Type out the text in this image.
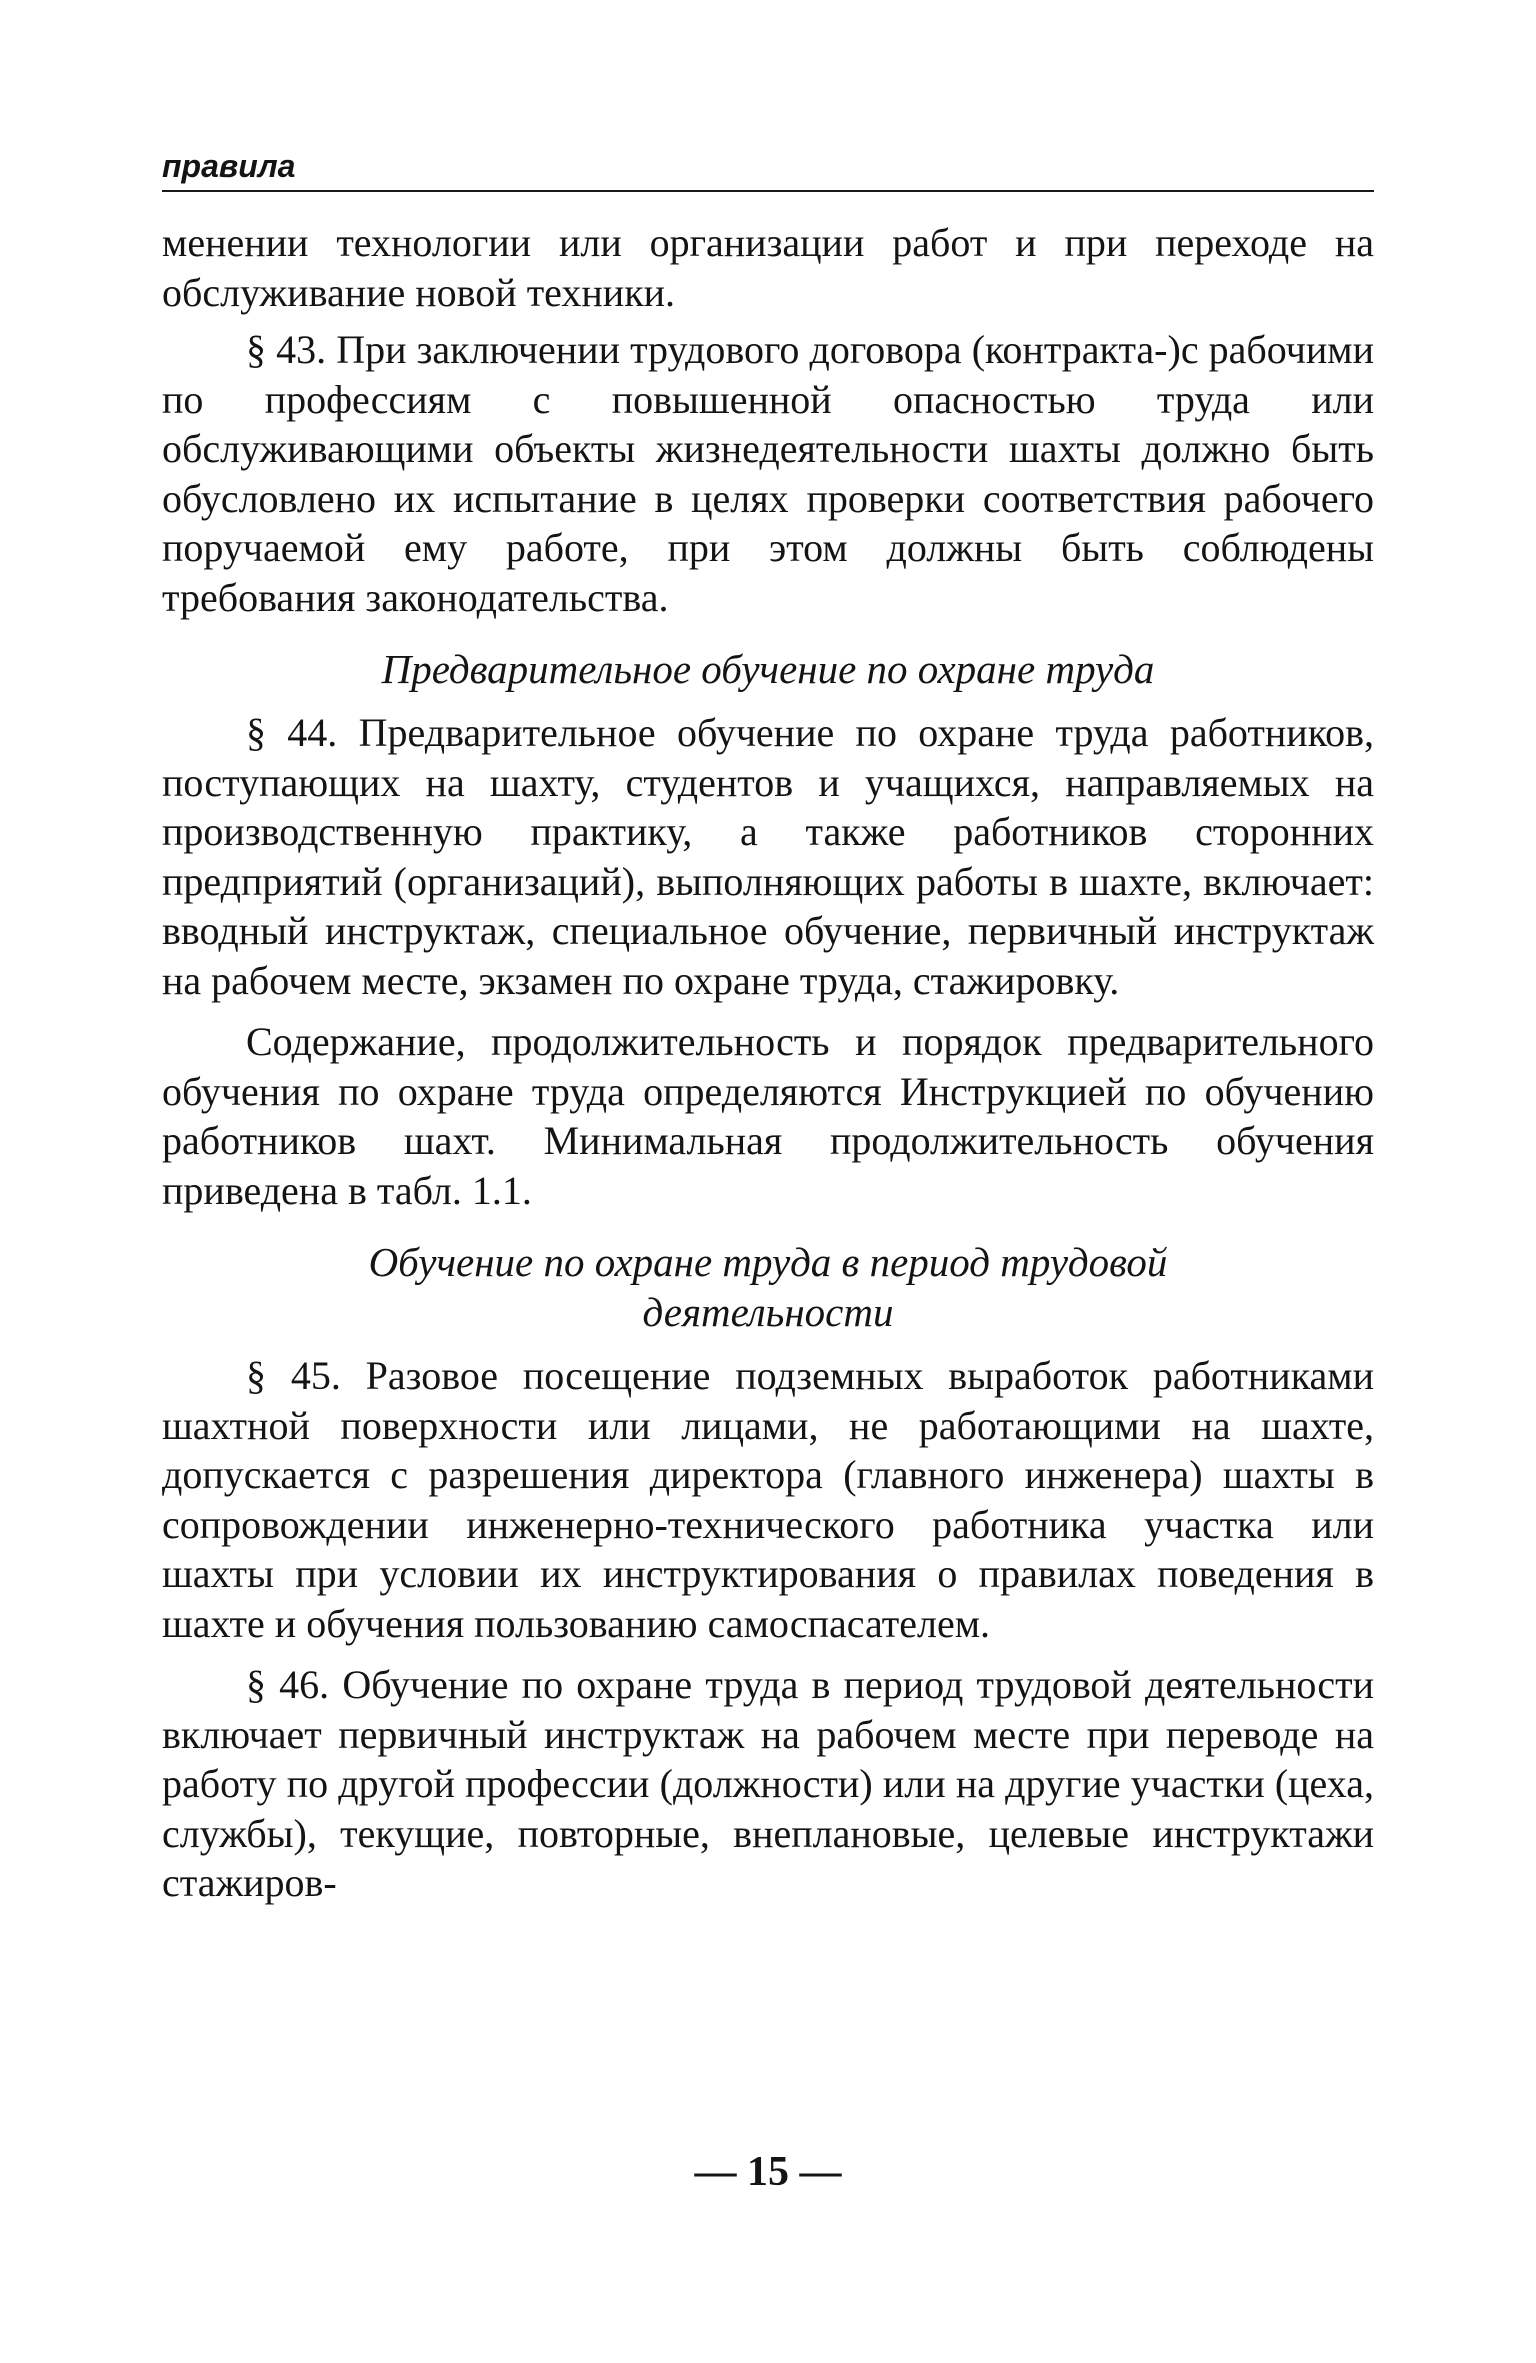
правила

менении технологии или организации работ и при переходе на обслуживание новой техники.

§ 43. При заключении трудового договора (контракта-)с рабочими по профессиям с повышенной опасностью труда или обслуживающими объекты жизнедеятельности шахты должно быть обусловлено их испытание в целях проверки соответствия рабочего поручаемой ему работе, при этом должны быть соблюдены требования законодательства.

Предварительное обучение по охране труда

§ 44. Предварительное обучение по охране труда работников, поступающих на шахту, студентов и учащихся, направляемых на производственную практику, а также работников сторонних предприятий (организаций), выполняющих работы в шахте, включает: вводный инструктаж, специальное обучение, первичный инструктаж на рабочем месте, экзамен по охране труда, стажировку.

Содержание, продолжительность и порядок предварительного обучения по охране труда определяются Инструкцией по обучению работников шахт. Минимальная продолжительность обучения приведена в табл. 1.1.

Обучение по охране труда в период трудовой
деятельности

§ 45. Разовое посещение подземных выработок работниками шахтной поверхности или лицами, не работающими на шахте, допускается с разрешения директора (главного инженера) шахты в сопровождении инженерно-технического работника участка или шахты при условии их инструктирования о правилах поведения в шахте и обучения пользованию самоспасателем.

§ 46. Обучение по охране труда в период трудовой деятельности включает первичный инструктаж на рабочем месте при переводе на работу по другой профессии (должности) или на другие участки (цеха, службы), текущие, повторные, внеплановые, целевые инструктажи стажиров-

— 15 —
